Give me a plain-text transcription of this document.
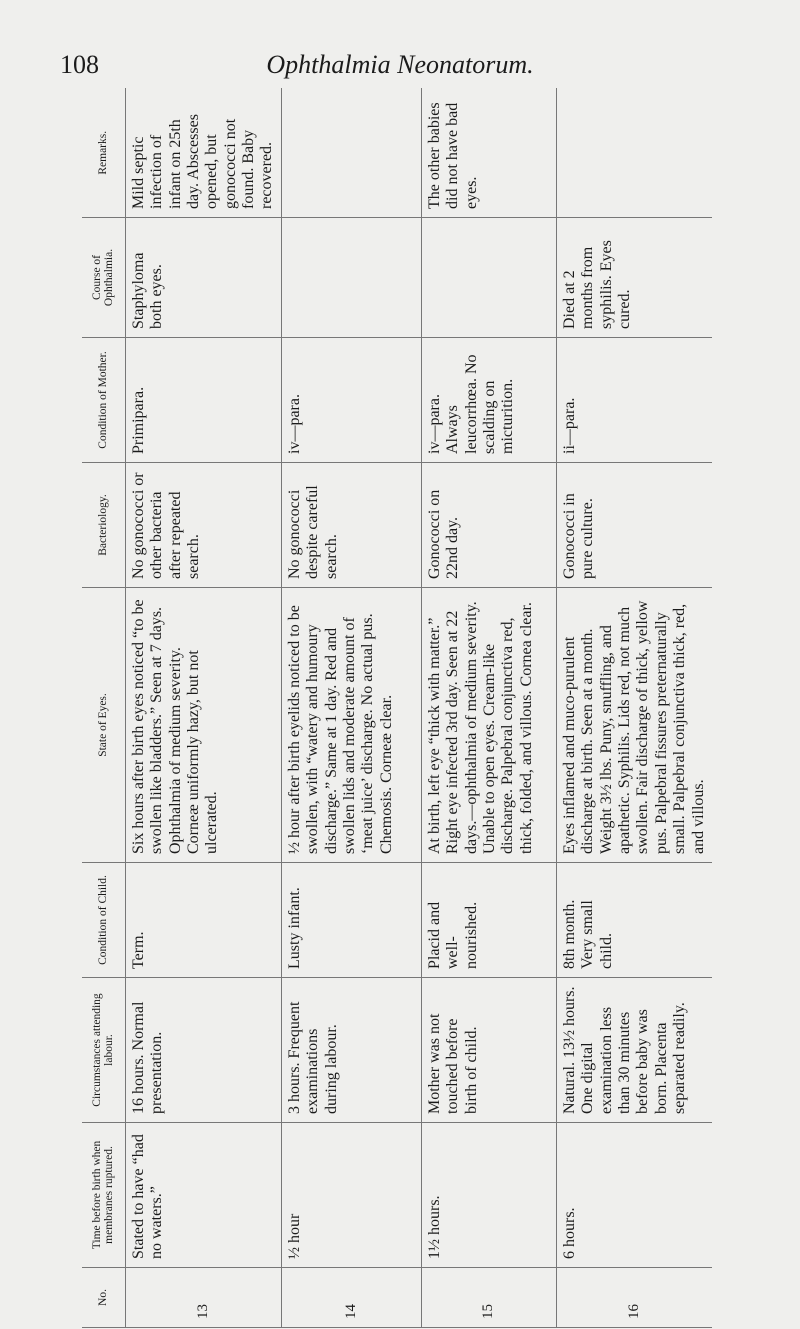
108	Ophthalmia Neonatorum.
No.	Time before birth when membranes ruptured.	Circumstances attending labour.	Condition of Child.	State of Eyes.	Bacteriology.	Condition of Mother.	Course of Ophthalmia.	Remarks.
13	Stated to have “had no waters.”	16 hours. Normal presentation.	Term.	Six hours after birth eyes noticed “to be swollen like bladders.” Seen at 7 days. Ophthalmia of medium severity. Corneæ uniformly hazy, but not ulcerated.	No gonococci or other bacteria after repeated search.	Primipara.	Staphyloma both eyes.	Mild septic infection of infant on 25th day. Abscesses opened, but gonococci not found. Baby recovered.
14	½ hour	3 hours. Frequent examinations during labour.	Lusty infant.	½ hour after birth eyelids noticed to be swollen, with “watery and humoury discharge.” Same at 1 day. Red and swollen lids and moderate amount of ‘meat juice’ discharge. No actual pus. Chemosis. Corneæ clear.	No gonococci despite careful search.	iv—para.		
15	1½ hours.	Mother was not touched before birth of child.	Placid and well-nourished.	At birth, left eye “thick with matter.” Right eye infected 3rd day. Seen at 22 days.—ophthalmia of medium severity. Unable to open eyes. Cream-like discharge. Palpebral conjunctiva red, thick, folded, and villous. Cornea clear.	Gonococci on 22nd day.	iv—para. Always leucorrhœa. No scalding on micturition.		The other babies did not have bad eyes.
16	6 hours.	Natural. 13½ hours. One digital examination less than 30 minutes before baby was born. Placenta separated readily.	8th month. Very small child.	Eyes inflamed and muco-purulent discharge at birth. Seen at a month. Weight 3½ lbs. Puny, snuffling, and apathetic. Syphilis. Lids red, not much swollen. Fair discharge of thick, yellow pus. Palpebral fissures preternaturally small. Palpebral conjunctiva thick, red, and villous.	Gonococci in pure culture.	ii—para.	Died at 2 months from syphilis. Eyes cured.	
